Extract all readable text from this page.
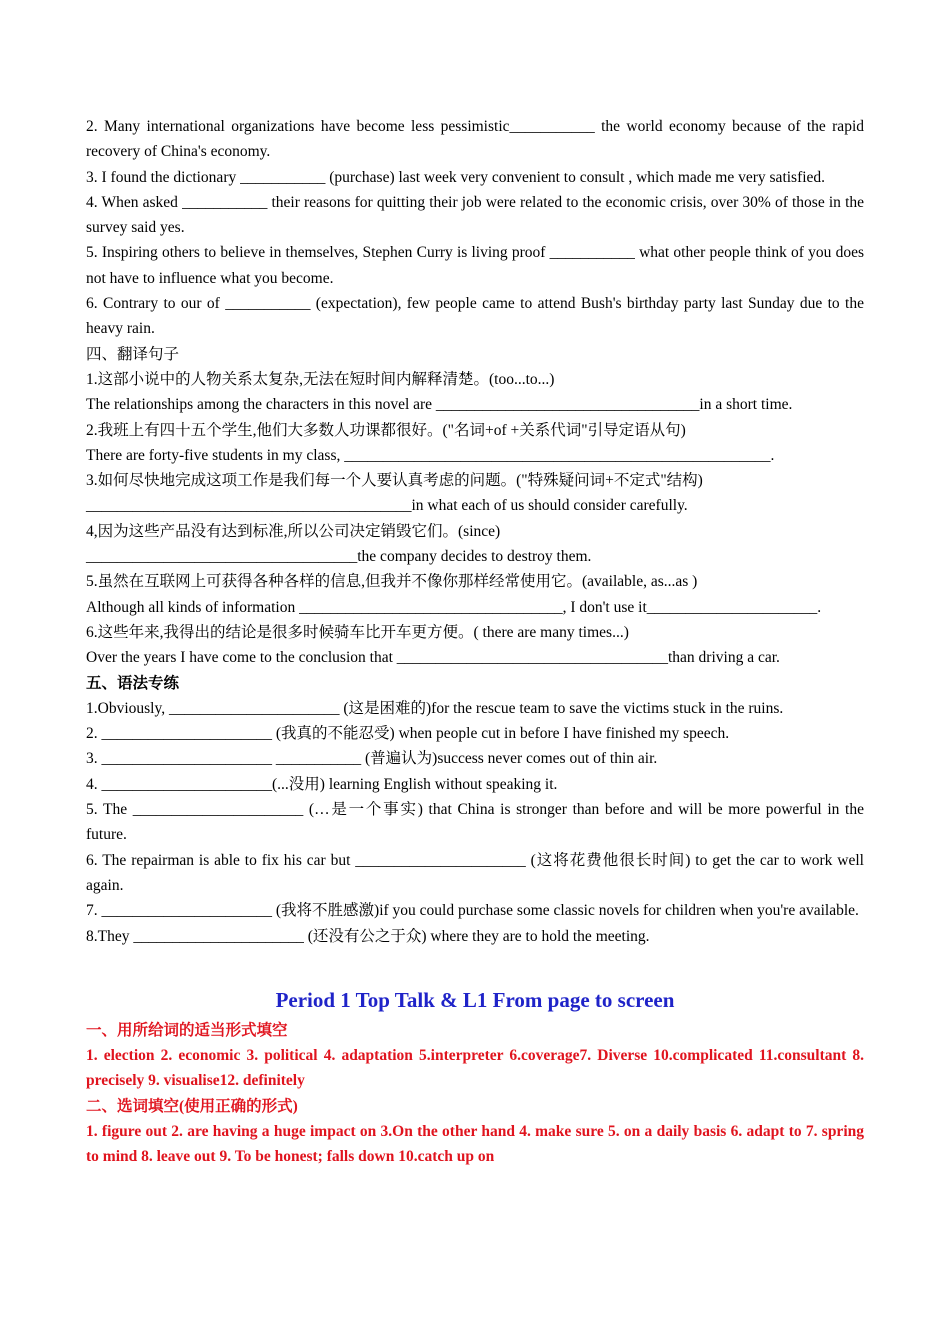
2. Many international organizations have become less pessimistic___________ the world economy because of the rapid recovery of China's economy.

3. I found the dictionary ___________ (purchase) last week very convenient to consult , which made me very satisfied.

4. When asked ___________ their reasons for quitting their job were related to the economic crisis, over 30% of those in the survey said yes.

5. Inspiring others to believe in themselves, Stephen Curry is living proof ___________ what other people think of you does not have to influence what you become.

6. Contrary to our of ___________ (expectation), few people came to attend Bush's birthday party last Sunday due to the heavy rain.

四、翻译句子

1.这部小说中的人物关系太复杂,无法在短时间内解释清楚。(too...to...)

The relationships among the characters in this novel are __________________________________in a short time.

2.我班上有四十五个学生,他们大多数人功课都很好。("名词+of +关系代词"引导定语从句)

There are forty-five students in my class, _______________________________________________________.

3.如何尽快地完成这项工作是我们每一个人要认真考虑的问题。("特殊疑问词+不定式"结构)

__________________________________________in what each of us should consider carefully.

4,因为这些产品没有达到标准,所以公司决定销毁它们。(since)

___________________________________the company decides to destroy them.

5.虽然在互联网上可获得各种各样的信息,但我并不像你那样经常使用它。(available, as...as )

Although all kinds of information __________________________________, I don't use it______________________.

6.这些年来,我得出的结论是很多时候骑车比开车更方便。( there are many times...)

Over the years I have come to the conclusion that ___________________________________than driving a car.

五、语法专练

1.Obviously, ______________________ (这是困难的)for the rescue team to save the victims stuck in the ruins.

2. ______________________ (我真的不能忍受) when people cut in before I have finished my speech.

3. ______________________ ___________ (普遍认为)success never comes out of thin air.

4. ______________________(...没用) learning English without speaking it.

5. The ______________________ (…是一个事实) that China is stronger than before and will be more powerful in the future.

6. The repairman is able to fix his car but ______________________ (这将花费他很长时间) to get the car to work well again.

7. ______________________ (我将不胜感激)if you could purchase some classic novels for children when you're available.

8.They ______________________ (还没有公之于众) where they are to hold the meeting.

Period 1 Top Talk & L1 From page to screen

一、用所给词的适当形式填空

1. election 2. economic 3. political 4. adaptation 5.interpreter 6.coverage7. Diverse 10.complicated 11.consultant 8. precisely 9. visualise12. definitely

二、选词填空(使用正确的形式)

1. figure out 2. are having a huge impact on 3.On the other hand 4. make sure 5. on a daily basis 6. adapt to 7. spring to mind 8. leave out 9. To be honest; falls down 10.catch up on
